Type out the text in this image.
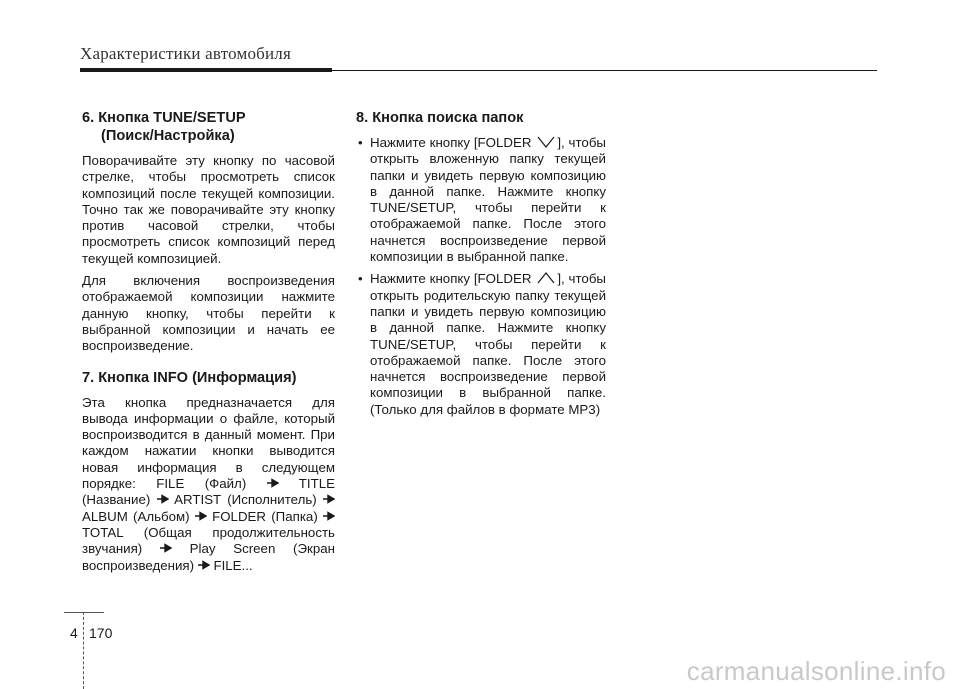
Характеристики автомобиля
6. Кнопка TUNE/SETUP
(Поиск/Настройка)

Поворачивайте эту кнопку по часовой стрелке, чтобы просмотреть список композиций после текущей композиции. Точно так же поворачивайте эту кнопку против часовой стрелки, чтобы просмотреть список композиций перед текущей композицией.

Для включения воспроизведения отображаемой композиции нажмите данную кнопку, чтобы перейти к выбранной композиции и начать ее воспроизведение.

7. Кнопка INFO (Информация)

Эта кнопка предназначается для вывода информации о файле, который воспроизводится в данный момент. При каждом нажатии кнопки выводится новая информация в следующем порядке: FILE (Файл)	TITLE (Название) ARTIST (Исполнитель)  ALBUM (Альбом) FOLDER (Папка)  TOTAL (Общая продолжительность звучания)	Play Screen (Экран воспроизведения) FILE...

8. Кнопка поиска папок
• Нажмите кнопку [FOLDER ], чтобы открыть вложенную папку текущей папки и увидеть первую композицию в данной папке. Нажмите кнопку TUNE/SETUP, чтобы перейти к отображаемой папке. После этого начнется воспроизведение первой композиции в выбранной папке.
• Нажмите кнопку [FOLDER ], чтобы открыть родительскую папку текущей папки и увидеть первую композицию в данной папке. Нажмите кнопку TUNE/SETUP, чтобы перейти к отображаемой папке. После этого начнется воспроизведение первой композиции в выбранной папке. (Только для файлов в формате MP3)
4 170
carmanualsonline.info
